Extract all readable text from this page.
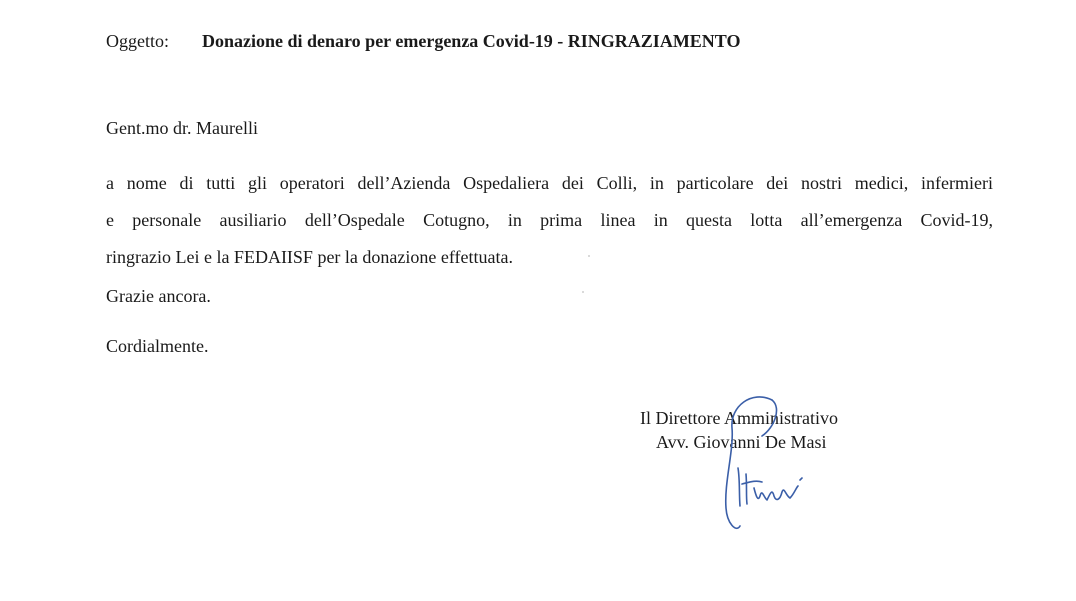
Oggetto: Donazione di denaro per emergenza Covid-19 - RINGRAZIAMENTO
Gent.mo dr. Maurelli
a nome di tutti gli operatori dell’Azienda Ospedaliera dei Colli, in particolare dei nostri medici, infermieri
e personale ausiliario dell’Ospedale Cotugno, in prima linea in questa lotta all’emergenza Covid-19,
ringrazio Lei e la FEDAIISF per la donazione effettuata.
Grazie ancora.
Cordialmente.
Il Direttore Amministrativo
Avv. Giovanni De Masi
